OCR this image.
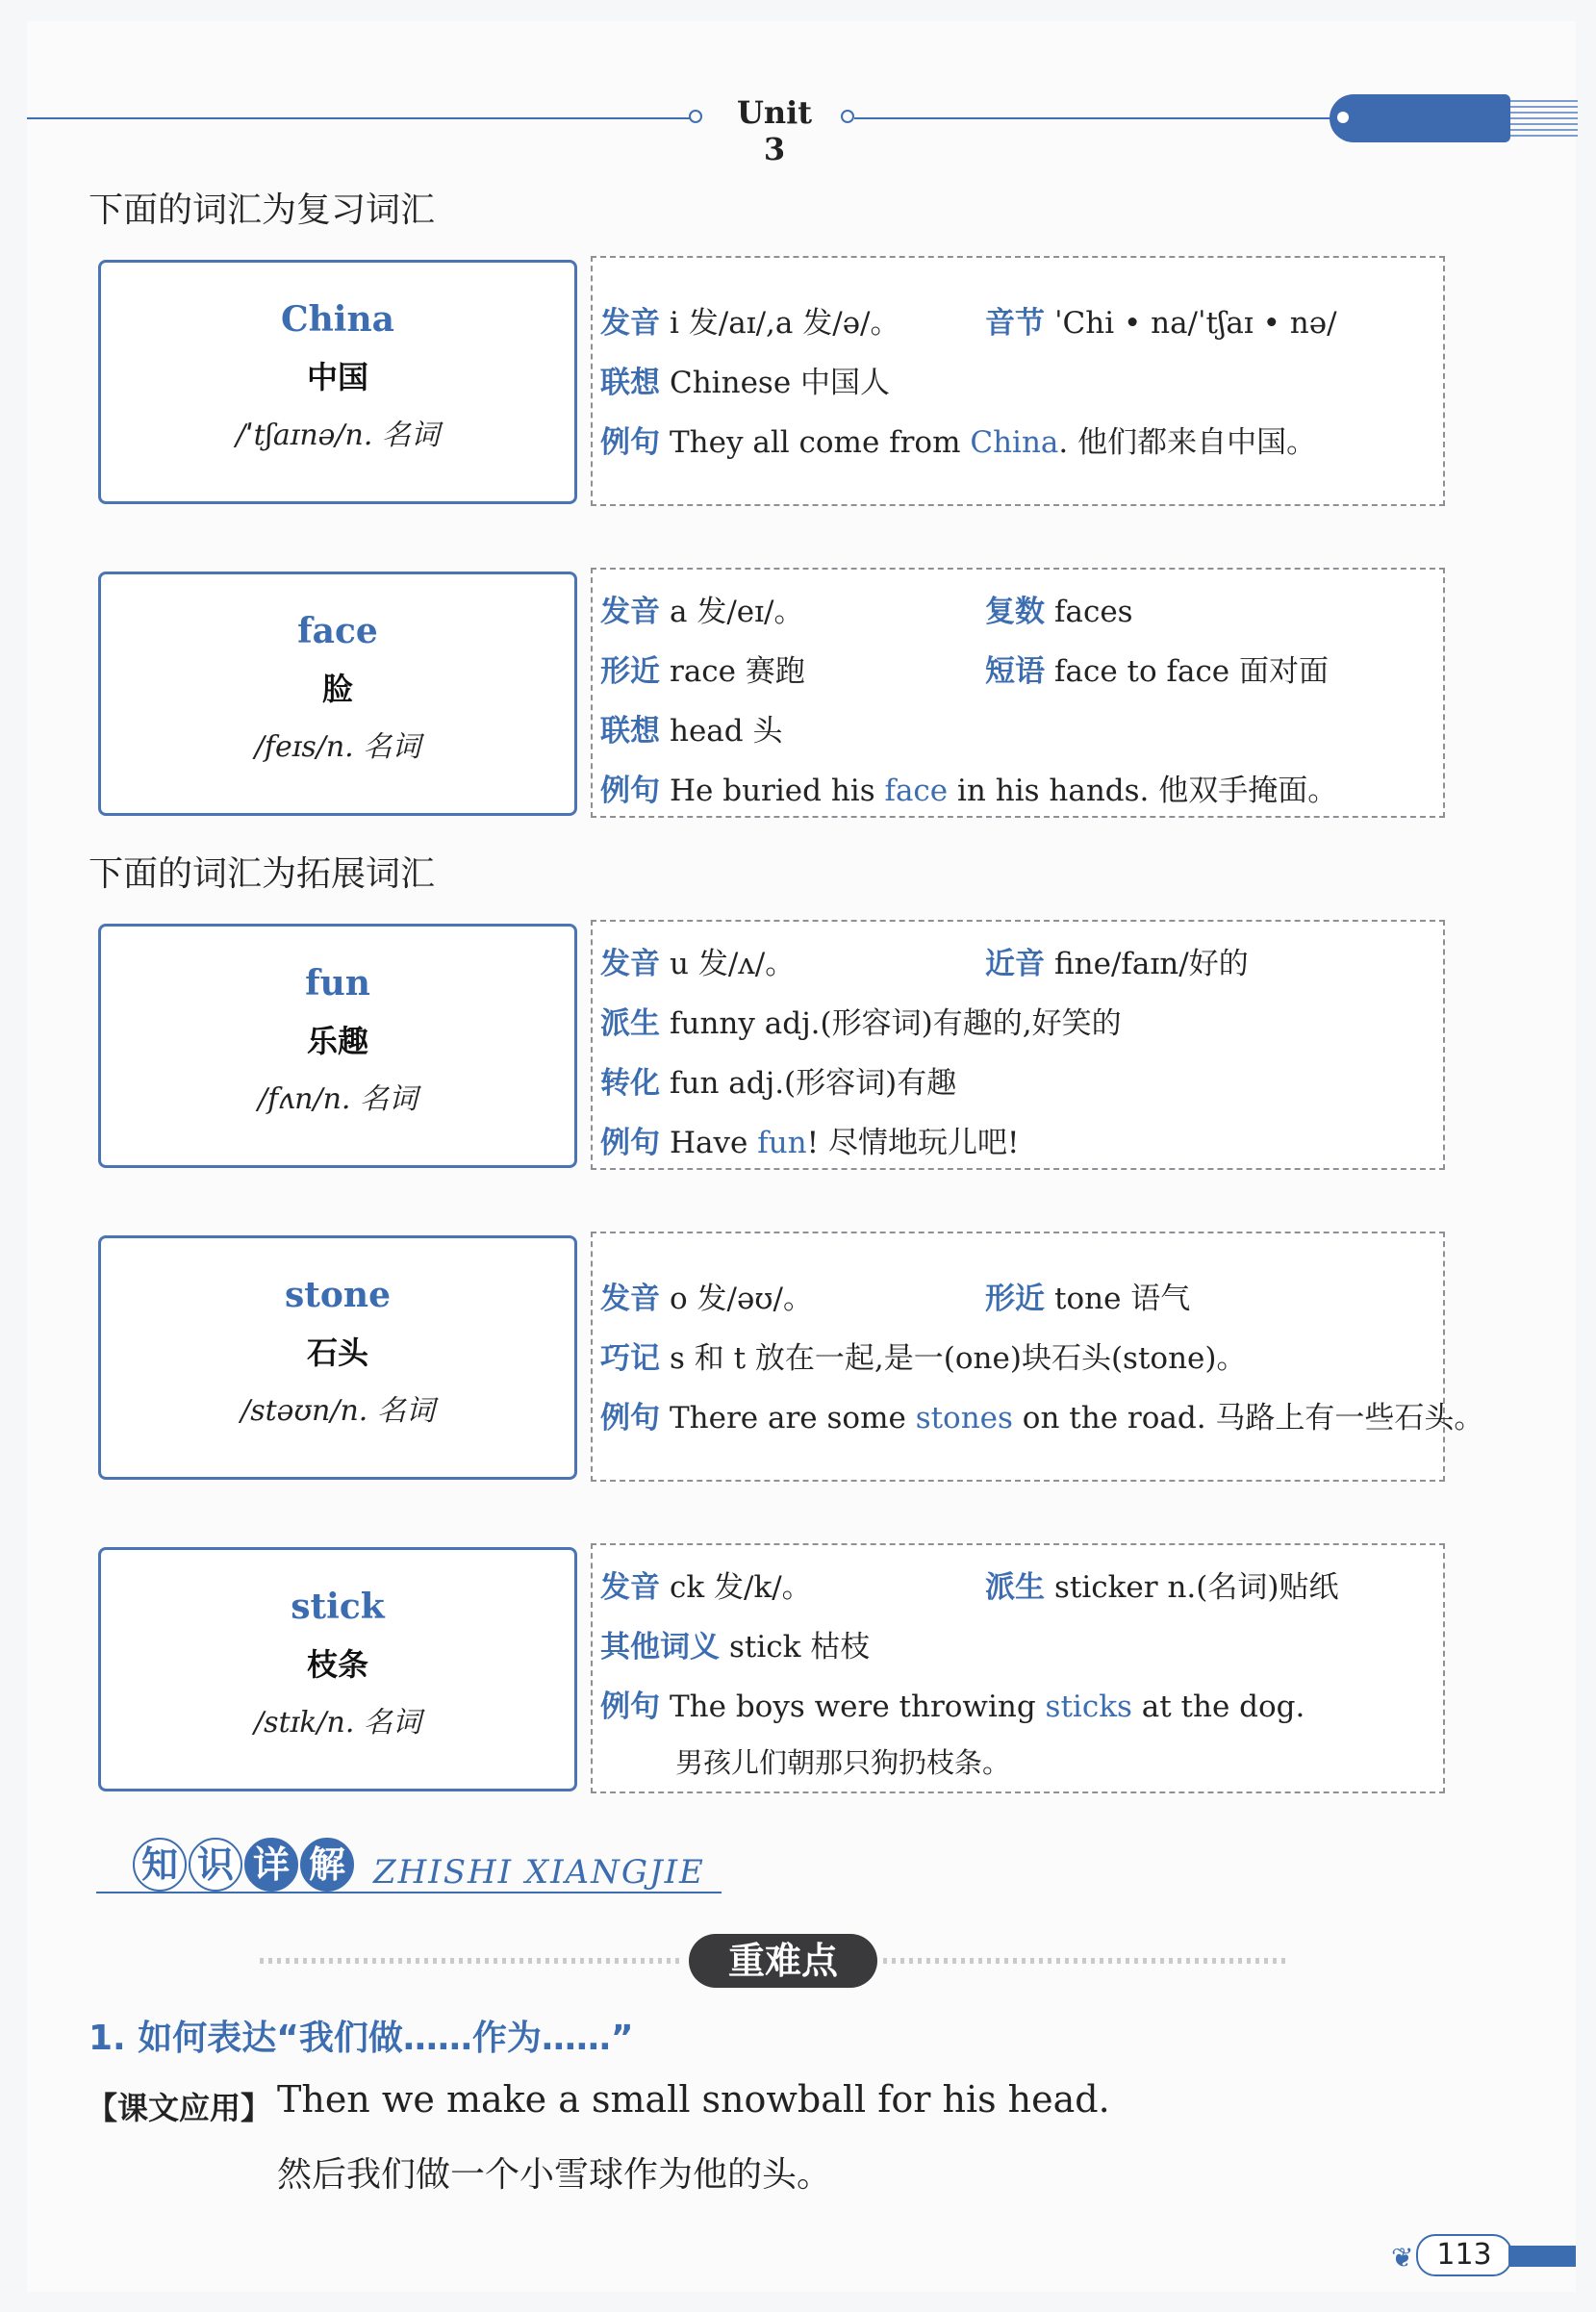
Unit 3
下面的词汇为复习词汇
China
中国
/ˈtʃaɪnə/n. 名词
发音 i 发/aɪ/,a 发/ə/。	音节 ˈChi • na/ˈtʃaɪ • nə/
联想 Chinese 中国人
例句 They all come from China. 他们都来自中国。
face
脸
/feɪs/n. 名词
发音 a 发/eɪ/。	复数 faces
形近 race 赛跑	短语 face to face 面对面
联想 head 头
例句 He buried his face in his hands. 他双手掩面。
下面的词汇为拓展词汇
fun
乐趣
/fʌn/n. 名词
发音 u 发/ʌ/。	近音 fine/faɪn/好的
派生 funny adj.(形容词)有趣的,好笑的
转化 fun adj.(形容词)有趣
例句 Have fun! 尽情地玩儿吧!
stone
石头
/stəʊn/n. 名词
发音 o 发/əʊ/。	形近 tone 语气
巧记 s 和 t 放在一起,是一(one)块石头(stone)。
例句 There are some stones on the road. 马路上有一些石头。
stick
枝条
/stɪk/n. 名词
发音 ck 发/k/。	派生 sticker n.(名词)贴纸
其他词义 stick 枯枝
例句 The boys were throwing sticks at the dog.
男孩儿们朝那只狗扔枝条。
知 识 详 解 ZHISHI XIANGJIE
重难点
1. 如何表达“我们做……作为……”
【课文应用】 Then we make a small snowball for his head.
然后我们做一个小雪球作为他的头。
❦ 113
